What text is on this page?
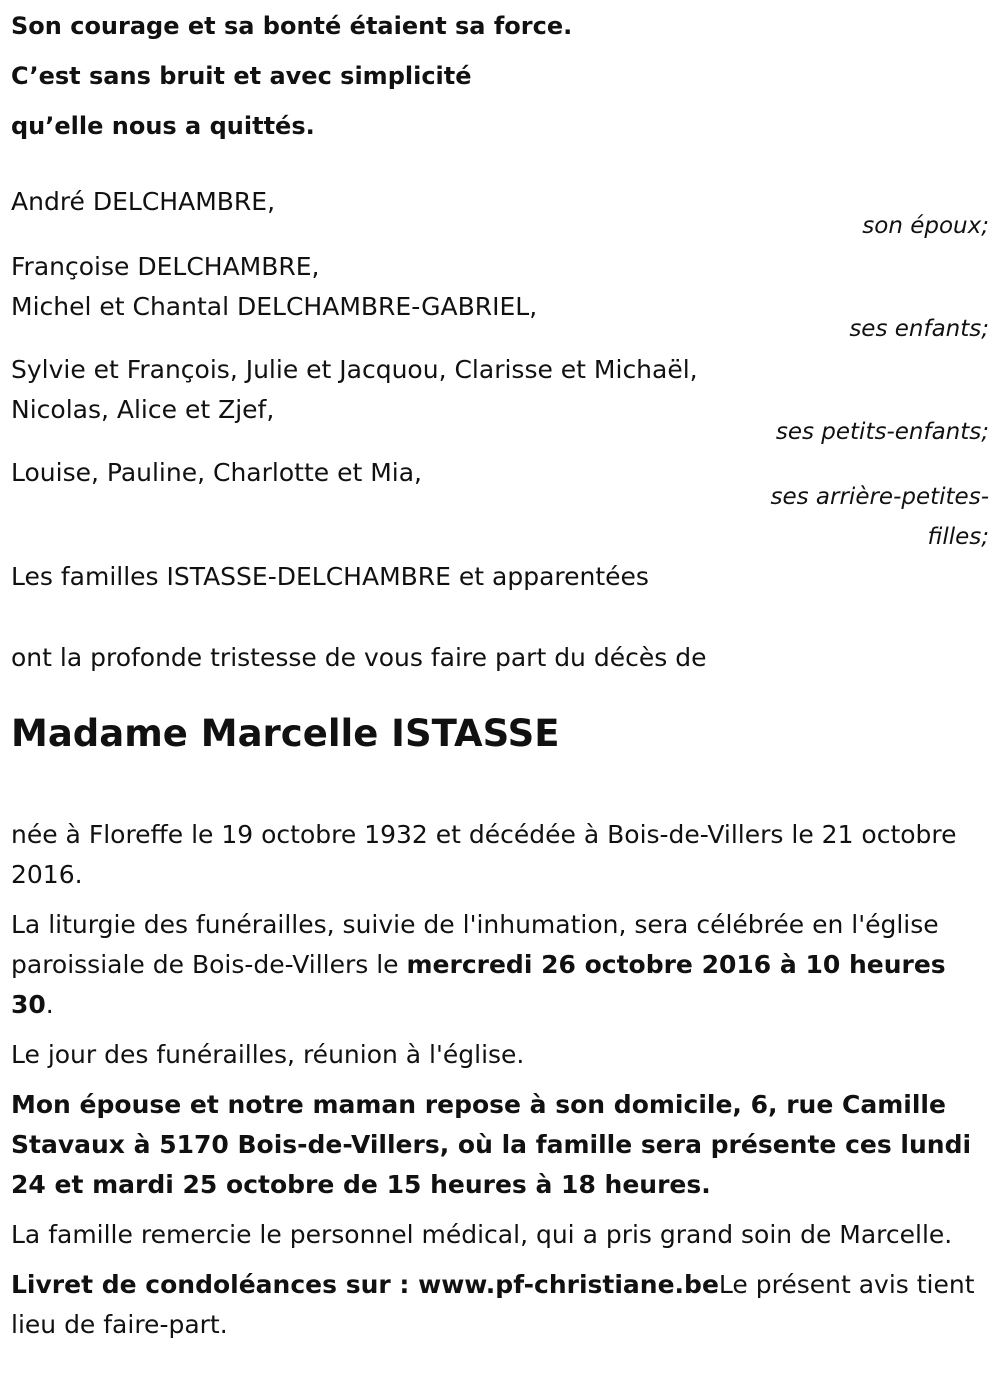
Son courage et sa bonté étaient sa force.
C’est sans bruit et avec simplicité
qu’elle nous a quittés.
André DELCHAMBRE,
son époux;
Françoise DELCHAMBRE,
Michel et Chantal DELCHAMBRE-GABRIEL,
ses enfants;
Sylvie et François, Julie et Jacquou, Clarisse et Michaël,
Nicolas, Alice et Zjef,
ses petits-enfants;
Louise, Pauline, Charlotte et Mia,
ses arrière-petites-
filles;
Les familles ISTASSE-DELCHAMBRE et apparentées
ont la profonde tristesse de vous faire part du décès de
Madame Marcelle ISTASSE

née à Floreffe le 19 octobre 1932 et décédée à Bois-de-Villers le 21 octobre 2016.

La liturgie des funérailles, suivie de l'inhumation, sera célébrée en l'église paroissiale de Bois-de-Villers le mercredi 26 octobre 2016 à 10 heures 30.

Le jour des funérailles, réunion à l'église.

Mon épouse et notre maman repose à son domicile, 6, rue Camille Stavaux à 5170 Bois-de-Villers, où la famille sera présente ces lundi 24 et mardi 25 octobre de 15 heures à 18 heures.

La famille remercie le personnel médical, qui a pris grand soin de Marcelle.

Livret de condoléances sur : www.pf-christiane.beLe présent avis tient lieu de faire-part.
